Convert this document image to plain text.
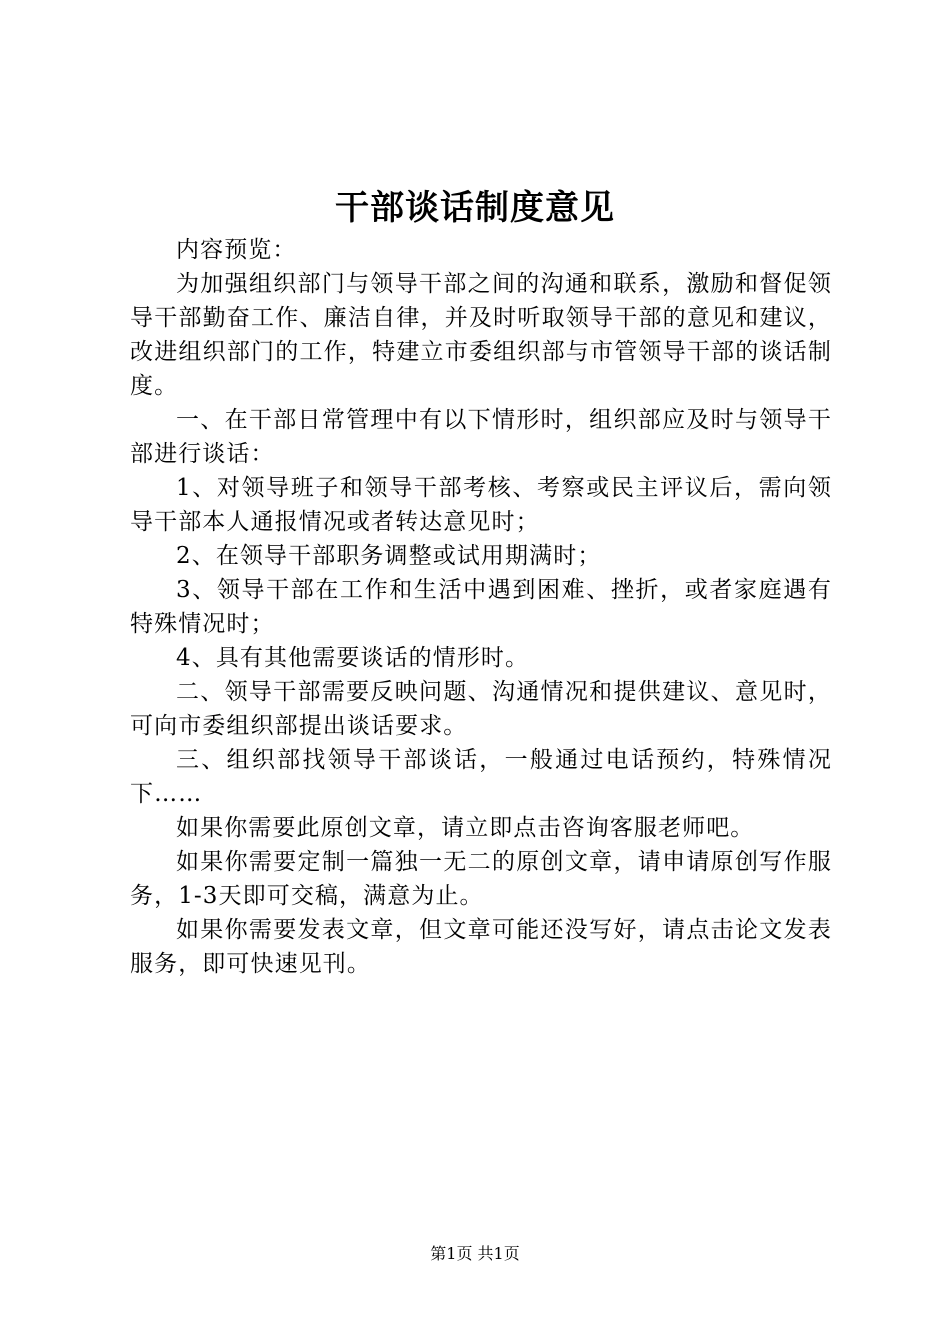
干部谈话制度意见

内容预览：

为加强组织部门与领导干部之间的沟通和联系，激励和督促领导干部勤奋工作、廉洁自律，并及时听取领导干部的意见和建议，改进组织部门的工作，特建立市委组织部与市管领导干部的谈话制度。

一、在干部日常管理中有以下情形时，组织部应及时与领导干部进行谈话：

1、对领导班子和领导干部考核、考察或民主评议后，需向领导干部本人通报情况或者转达意见时；

2、在领导干部职务调整或试用期满时；

3、领导干部在工作和生活中遇到困难、挫折，或者家庭遇有特殊情况时；

4、具有其他需要谈话的情形时。

二、领导干部需要反映问题、沟通情况和提供建议、意见时，可向市委组织部提出谈话要求。

三、组织部找领导干部谈话，一般通过电话预约，特殊情况下……

如果你需要此原创文章，请立即点击咨询客服老师吧。

如果你需要定制一篇独一无二的原创文章，请申请原创写作服务，1-3天即可交稿，满意为止。

如果你需要发表文章，但文章可能还没写好，请点击论文发表服务，即可快速见刊。

第1页 共1页
